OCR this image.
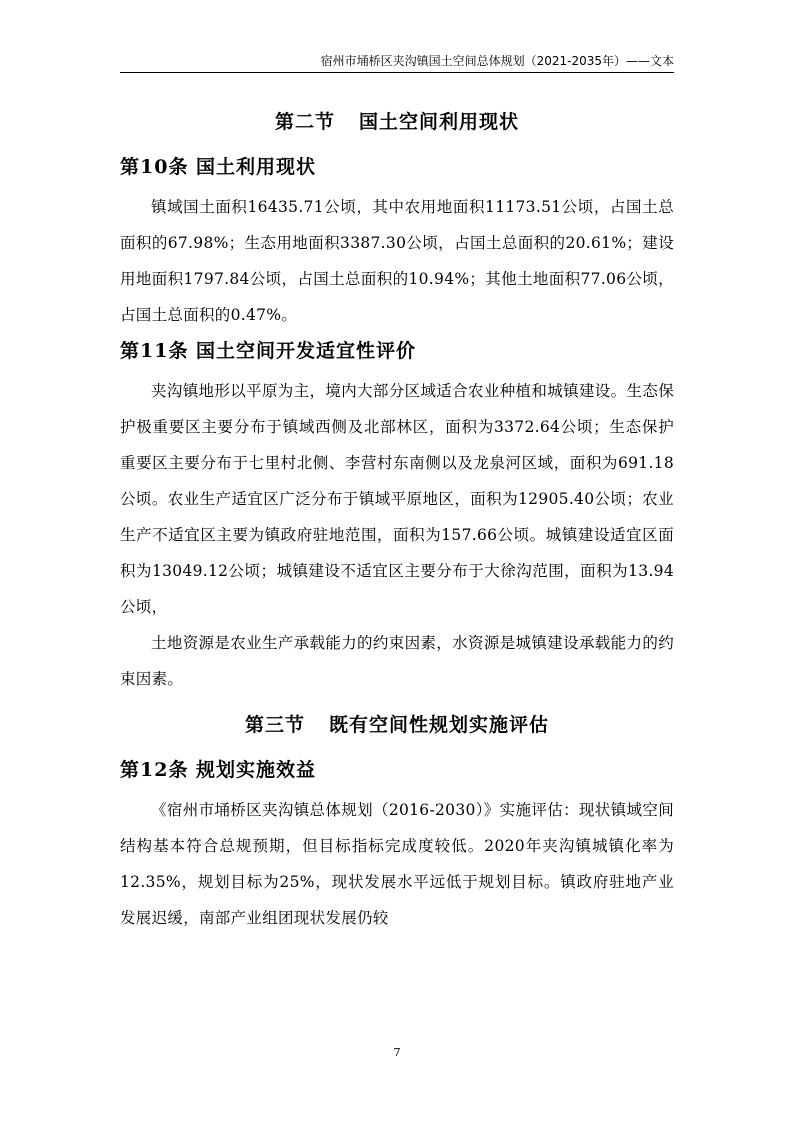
宿州市埇桥区夹沟镇国土空间总体规划（2021-2035年）——文本
第二节 国土空间利用现状
第10条 国土利用现状

镇域国土面积16435.71公顷，其中农用地面积11173.51公顷，占国土总面积的67.98%；生态用地面积3387.30公顷，占国土总面积的20.61%；建设用地面积1797.84公顷，占国土总面积的10.94%；其他土地面积77.06公顷，占国土总面积的0.47%。

第11条 国土空间开发适宜性评价

夹沟镇地形以平原为主，境内大部分区域适合农业种植和城镇建设。生态保护极重要区主要分布于镇域西侧及北部林区，面积为3372.64公顷；生态保护重要区主要分布于七里村北侧、李营村东南侧以及龙泉河区域，面积为691.18公顷。农业生产适宜区广泛分布于镇域平原地区，面积为12905.40公顷；农业生产不适宜区主要为镇政府驻地范围，面积为157.66公顷。城镇建设适宜区面积为13049.12公顷；城镇建设不适宜区主要分布于大徐沟范围，面积为13.94公顷，

土地资源是农业生产承载能力的约束因素，水资源是城镇建设承载能力的约束因素。

第三节 既有空间性规划实施评估
第12条 规划实施效益

《宿州市埇桥区夹沟镇总体规划（2016-2030）》实施评估：现状镇域空间结构基本符合总规预期，但目标指标完成度较低。2020年夹沟镇城镇化率为12.35%，规划目标为25%，现状发展水平远低于规划目标。镇政府驻地产业发展迟缓，南部产业组团现状发展仍较

7
